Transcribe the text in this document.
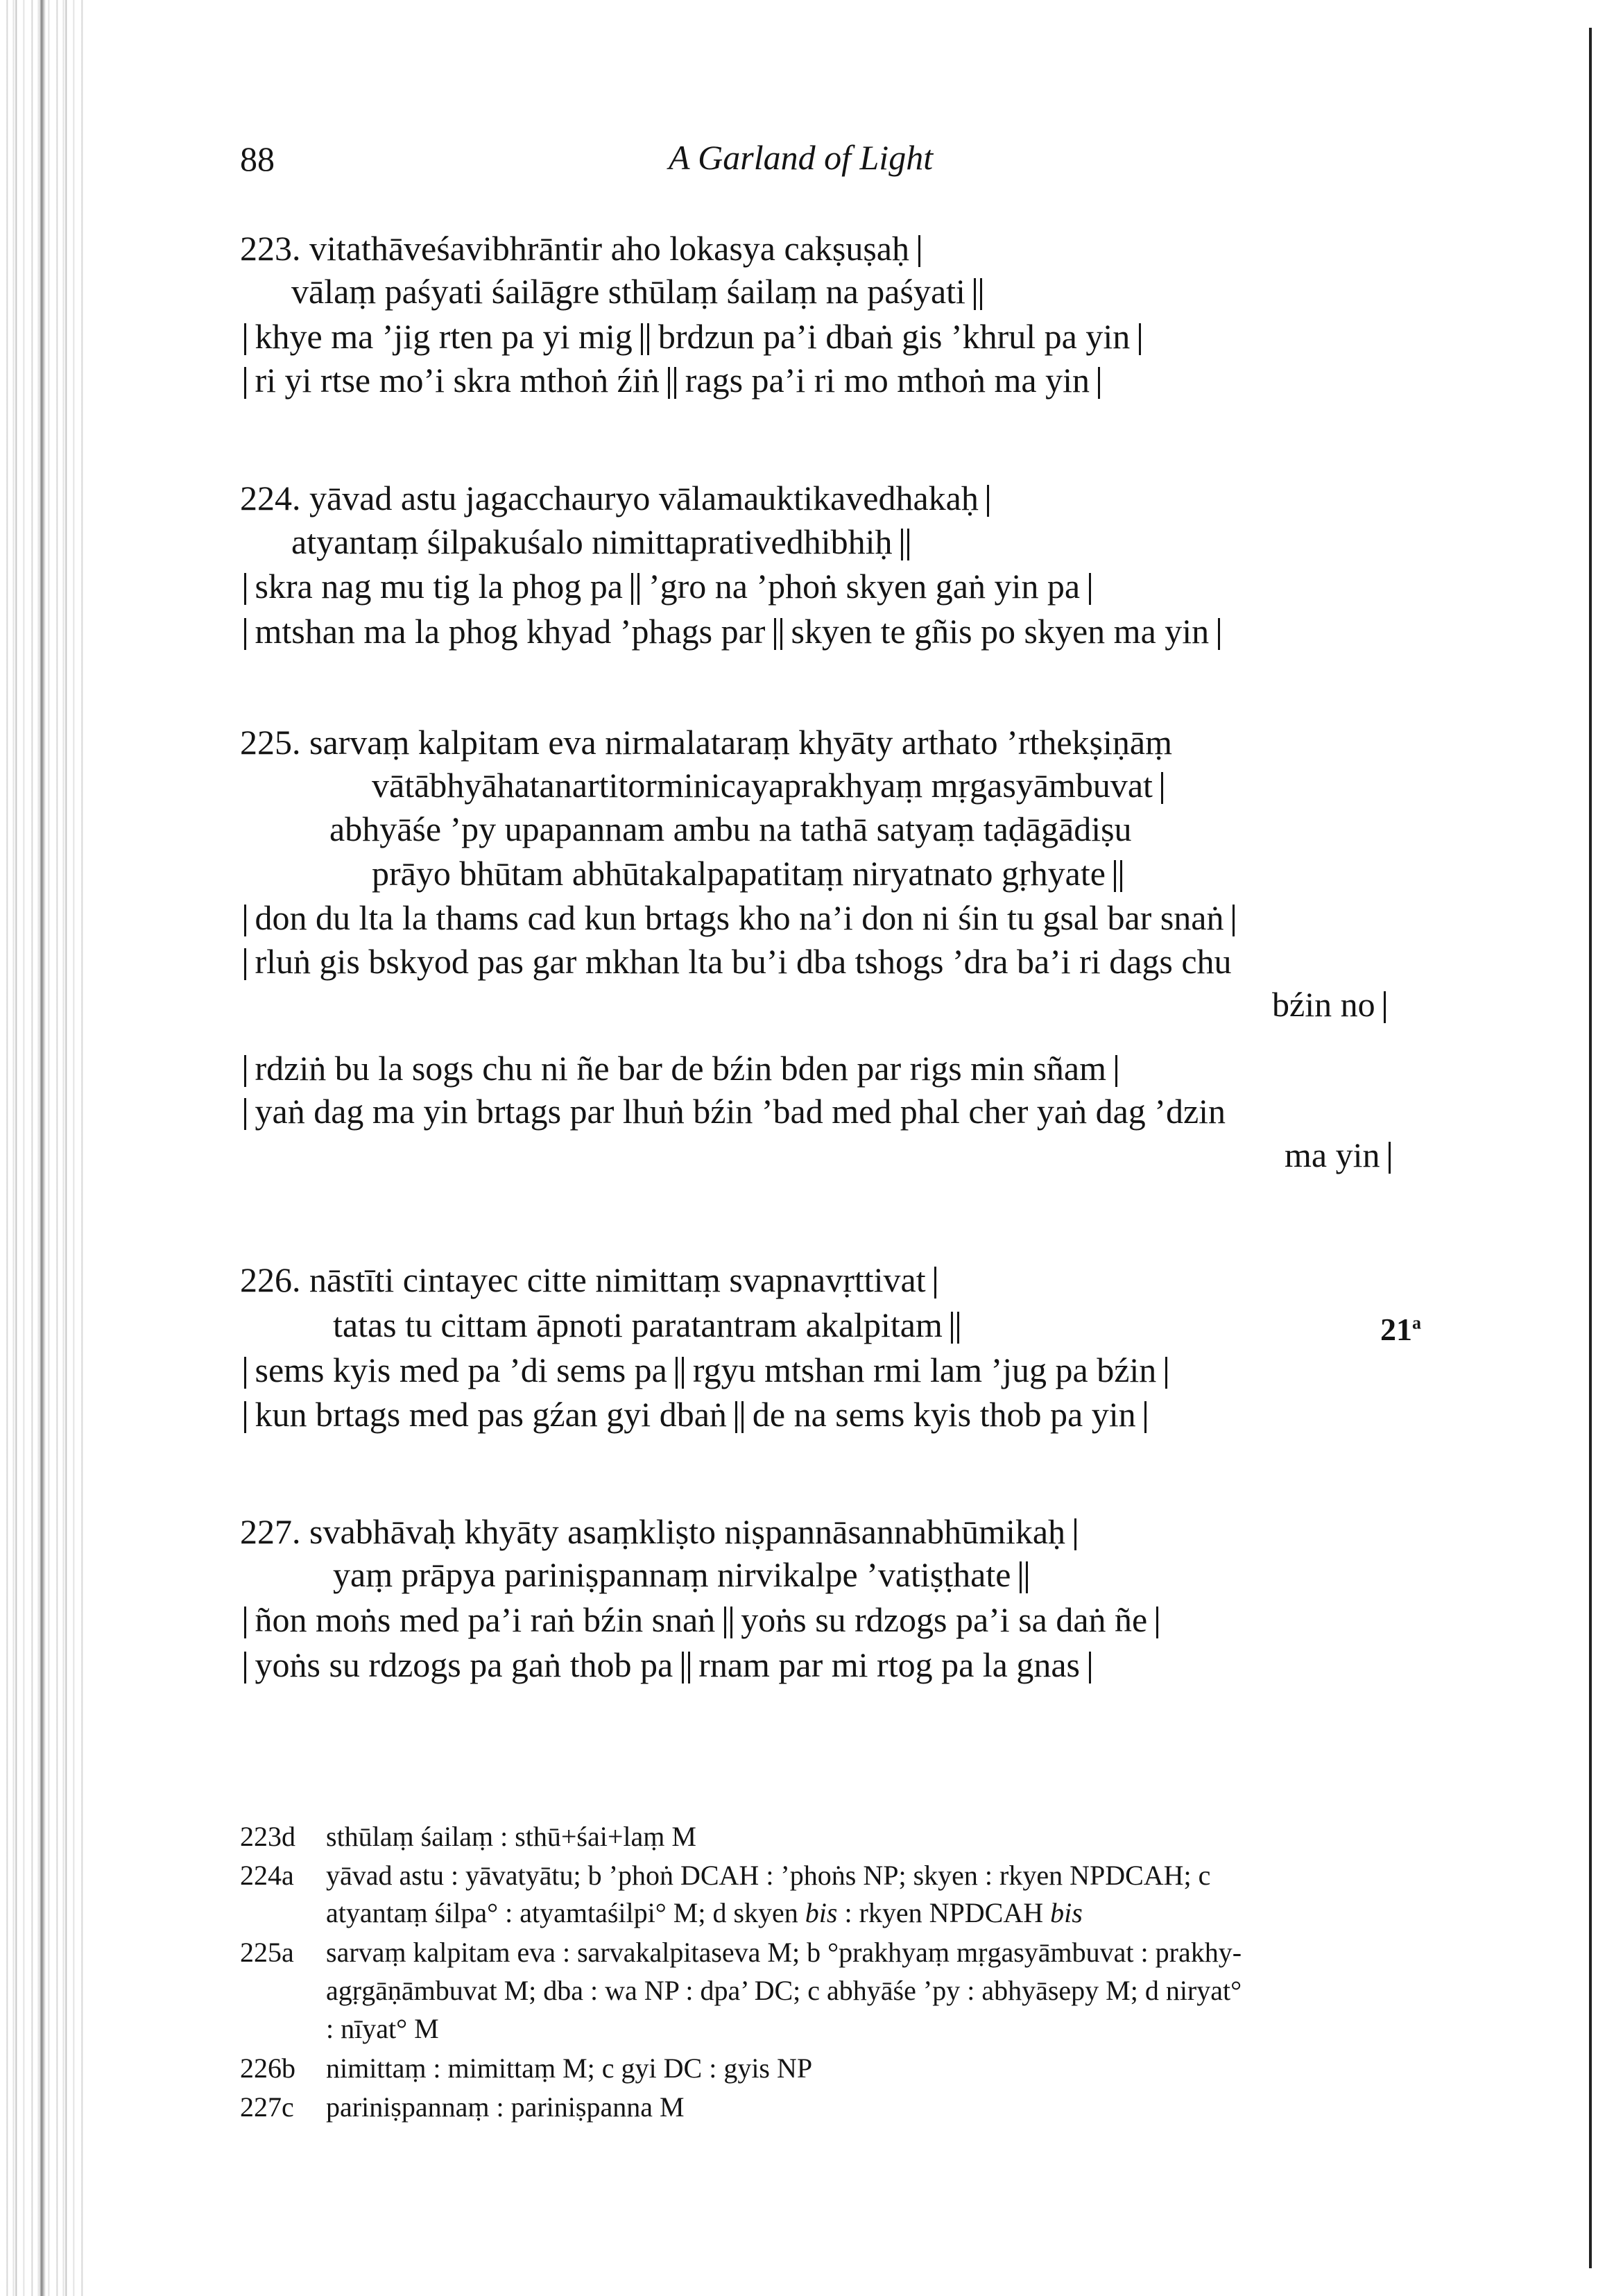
88	A Garland of Light
223. vitathāveśavibhrāntir aho lokasya cakṣuṣaḥ
vālaṃ paśyati śailāgre sthūlaṃ śailaṃ na paśyati
khye ma ’jig rten pa yi mig brdzun pa’i dbaṅ gis ’khrul pa yin
ri yi rtse mo’i skra mthoṅ źiṅ rags pa’i ri mo mthoṅ ma yin
224. yāvad astu jagacchauryo vālamauktikavedhakaḥ
atyantaṃ śilpakuśalo nimittaprativedhibhiḥ
skra nag mu tig la phog pa ’gro na ’phoṅ skyen gaṅ yin pa
mtshan ma la phog khyad ’phags par skyen te gñis po skyen ma yin
225. sarvaṃ kalpitam eva nirmalataraṃ khyāty arthato ’rthekṣiṇāṃ
vātābhyāhatanartitorminicayaprakhyaṃ mṛgasyāmbuvat
abhyāśe ’py upapannam ambu na tathā satyaṃ taḍāgādiṣu
prāyo bhūtam abhūtakalpapatitaṃ niryatnato gṛhyate
don du lta la thams cad kun brtags kho na’i don ni śin tu gsal bar snaṅ
rluṅ gis bskyod pas gar mkhan lta bu’i dba tshogs ’dra ba’i ri dags chu
bźin no
rdziṅ bu la sogs chu ni ñe bar de bźin bden par rigs min sñam
yaṅ dag ma yin brtags par lhuṅ bźin ’bad med phal cher yaṅ dag ’dzin
ma yin
226. nāstīti cintayec citte nimittaṃ svapnavṛttivat
tatas tu cittam āpnoti paratantram akalpitam	21$^a$
sems kyis med pa ’di sems pa rgyu mtshan rmi lam ’jug pa bźin
kun brtags med pas gźan gyi dbaṅ de na sems kyis thob pa yin
227. svabhāvaḥ khyāty asaṃkliṣto niṣpannāsannabhūmikaḥ
yaṃ prāpya pariniṣpannaṃ nirvikalpe ’vatiṣṭhate
ñon moṅs med pa’i raṅ bźin snaṅ yoṅs su rdzogs pa’i sa daṅ ñe
yoṅs su rdzogs pa gaṅ thob pa rnam par mi rtog pa la gnas
223d sthūlaṃ śailaṃ : sthū+śai+laṃ M
224a yāvad astu : yāvatyātu; b ’phoṅ DCAH : ’phoṅs NP; skyen : rkyen NPDCAH; c
atyantaṃ śilpa° : atyamtaśilpi° M; d skyen bis : rkyen NPDCAH bis
225a sarvaṃ kalpitam eva : sarvakalpitaseva M; b °prakhyaṃ mṛgasyāmbuvat : prakhy-
agṛgāṇāmbuvat M; dba : wa NP : dpa’ DC; c abhyāśe ’py : abhyāsepy M; d niryat°
: nīyat° M
226b nimittaṃ : mimittaṃ M; c gyi DC : gyis NP
227c pariniṣpannaṃ : pariniṣpanna M
